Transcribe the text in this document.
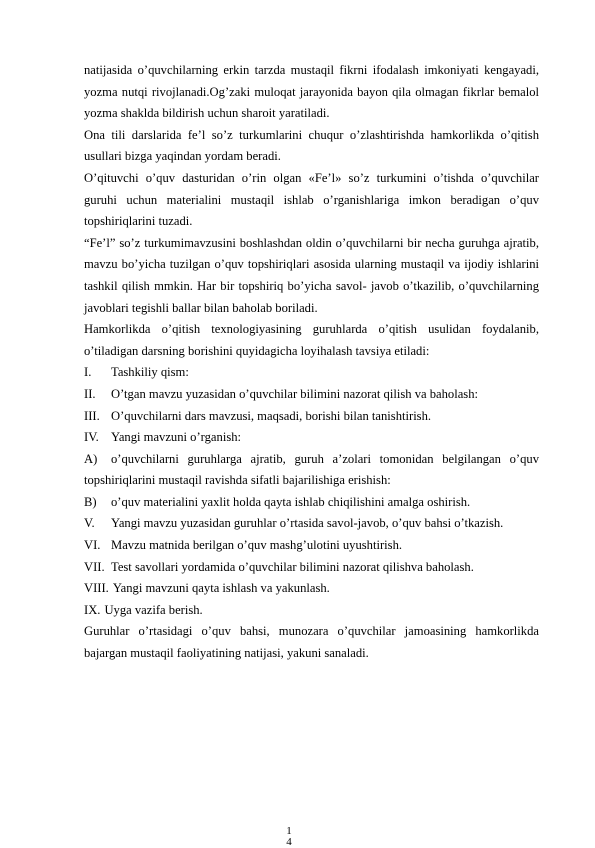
natijasida o’quvchilarning erkin tarzda mustaqil fikrni ifodalash imkoniyati kengayadi, yozma nutqi rivojlanadi.Og’zaki muloqat jarayonida bayon qila olmagan fikrlar bemalol yozma shaklda bildirish uchun sharoit yaratiladi.

Ona tili darslarida fe’l so’z turkumlarini chuqur o’zlashtirishda hamkorlikda o’qitish usullari bizga yaqindan yordam beradi.

O’qituvchi o’quv dasturidan o’rin olgan «Fe’l» so’z turkumini o’tishda o’quvchilar guruhi uchun materialini mustaqil ishlab o’rganishlariga imkon beradigan o’quv topshiriqlarini tuzadi.

“Fe’l” so’z turkumimavzusini boshlashdan oldin o’quvchilarni bir necha guruhga ajratib, mavzu bo’yicha tuzilgan o’quv topshiriqlari asosida ularning mustaqil va ijodiy ishlarini tashkil qilish mmkin. Har bir topshiriq bo’yicha savol- javob o’tkazilib, o’quvchilarning javoblari tegishli ballar bilan baholab boriladi.

Hamkorlikda o’qitish texnologiyasining guruhlarda o’qitish usulidan foydalanib, o’tiladigan darsning borishini quyidagicha loyihalash tavsiya etiladi:

I.	Tashkiliy qism:
II.	O’tgan mavzu yuzasidan o’quvchilar bilimini nazorat qilish va baholash:
III. O’quvchilarni dars mavzusi, maqsadi, borishi bilan tanishtirish.
IV. Yangi mavzuni o’rganish:

A) o’quvchilarni guruhlarga ajratib, guruh a’zolari tomonidan belgilangan o’quv topshiriqlarini mustaqil ravishda sifatli bajarilishiga erishish:

B)	o’quv materialini yaxlit holda qayta ishlab chiqilishini amalga oshirish.
V.	Yangi mavzu yuzasidan guruhlar o’rtasida savol-javob, o’quv bahsi o’tkazish.
VI. Mavzu matnida berilgan o’quv mashg’ulotini uyushtirish.
VII. Test savollari yordamida o’quvchilar bilimini nazorat qilishva baholash.
VIII. Yangi mavzuni qayta ishlash va yakunlash.
IX. Uyga vazifa berish.

Guruhlar o’rtasidagi o’quv bahsi, munozara o’quvchilar jamoasining hamkorlikda bajargan mustaqil faoliyatining natijasi, yakuni sanaladi.

1
4
